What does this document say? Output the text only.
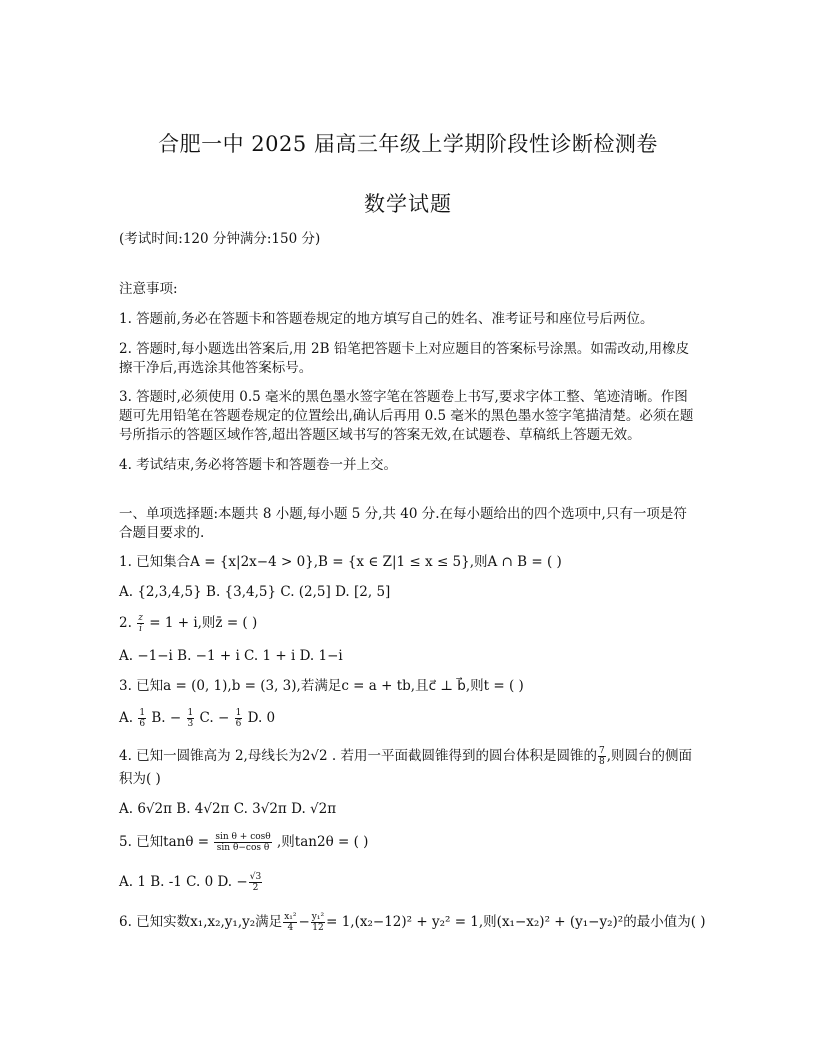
合肥一中 2025 届高三年级上学期阶段性诊断检测卷
数学试题
(考试时间:120 分钟满分:150 分)
注意事项:
1. 答题前,务必在答题卡和答题卷规定的地方填写自己的姓名、准考证号和座位号后两位。
2. 答题时,每小题选出答案后,用 2B 铅笔把答题卡上对应题目的答案标号涂黑。如需改动,用橡皮擦干净后,再选涂其他答案标号。
3. 答题时,必须使用 0.5 毫米的黑色墨水签字笔在答题卷上书写,要求字体工整、笔迹清晰。作图题可先用铅笔在答题卷规定的位置绘出,确认后再用 0.5 毫米的黑色墨水签字笔描清楚。必须在题号所指示的答题区域作答,超出答题区域书写的答案无效,在试题卷、草稿纸上答题无效。
4. 考试结束,务必将答题卡和答题卷一并上交。
一、单项选择题:本题共 8 小题,每小题 5 分,共 40 分.在每小题给出的四个选项中,只有一项是符合题目要求的.
1. 已知集合A = {x|2x−4 > 0},B = {x ∈ Z|1 ≤ x ≤ 5},则A ∩ B = ( )
A. {2,3,4,5} B. {3,4,5} C. (2,5] D. [2, 5]
2. $\frac{z}{i} = 1 + i$,则z̄ = ( )
A. −1−i B. −1 + i C. 1 + i D. 1−i
3. 已知a = (0, 1),b = (3, 3),若满足c = a + tb,且c⃗ ⊥ b⃗,则t = ( )
A. $\frac{1}{6} B$. − $\frac{1}{3} C$. − $\frac{1}{6} D$. 0
4. 已知一圆锥高为 2,母线长为2√2 . 若用一平面截圆锥得到的圆台体积是圆锥的 $\frac{7}{8}$ ,则圆台的侧面
积为( )
A. 6√2π B. 4√2π C. 3√2π D. √2π
5. 已知$\tan\theta = \frac{\text{sin θ + cosθ}}{\text{sin θ−cos θ}}$ ,则tan2θ = ( )
A. 1 B. -1 C. 0 D. − $\frac{√3}{2}$
6. 已知实数x₁,x₂,y₁,y₂满足 $\frac{\text{x₁²}}{4} - \frac{\text{y₁²}}{12} = 1,(x_2-12)^2 + y_2^2 = 1$,则(x₁−x₂)² + (y₁−y₂)²的最小值为( )
